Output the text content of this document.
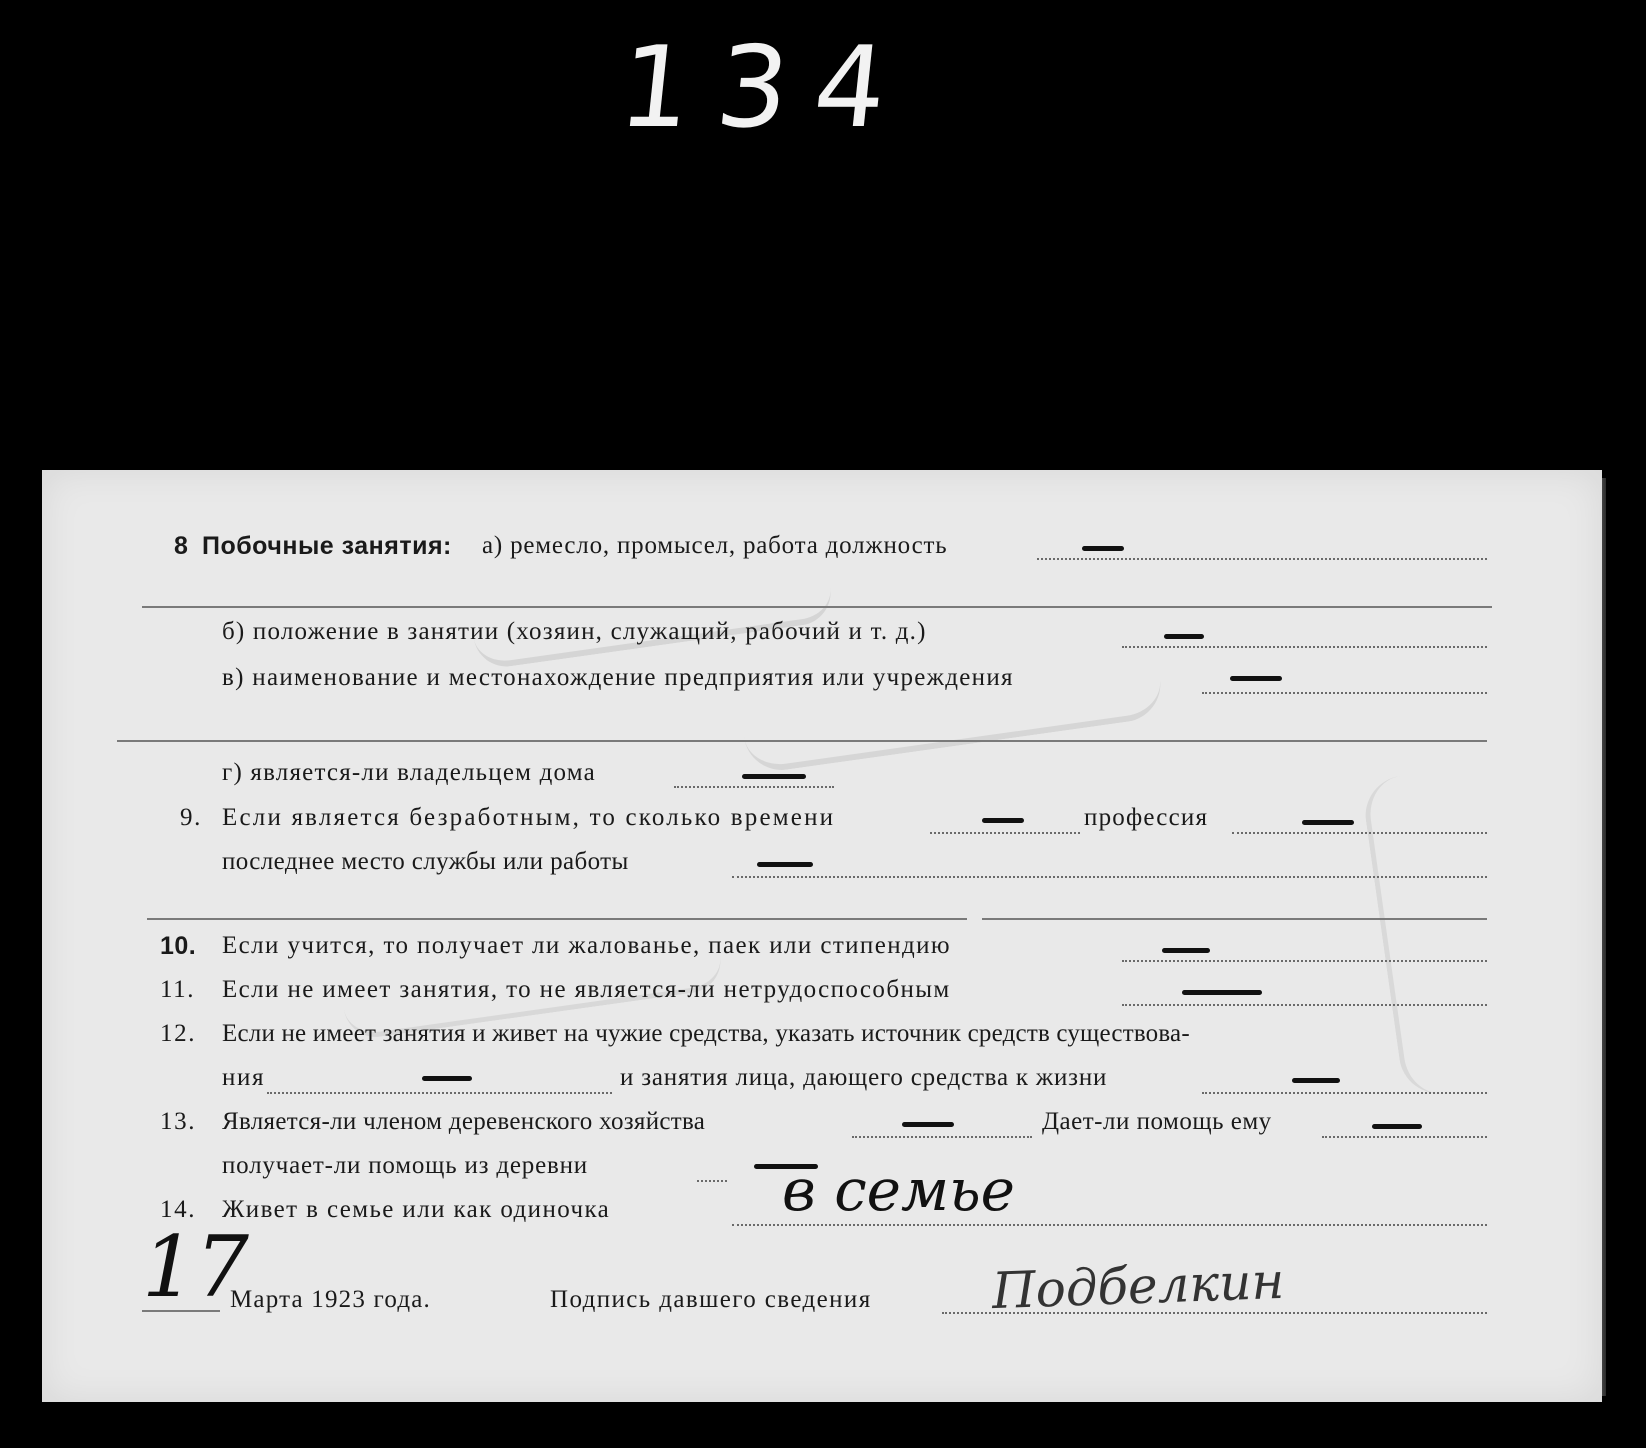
134
8 Побочные занятия: а) ремесло, промысел, работа должность
б) положение в занятии (хозяин, служащий, рабочий и т. д.)
в) наименование и местонахождение предприятия или учреждения
г) является-ли владельцем дома
9. Если является безработным, то сколько времени	профессия
последнее место службы или работы
10. Если учится, то получает ли жалованье, паек или стипендию
11. Если не имеет занятия, то не является-ли нетрудоспособным
12. Если не имеет занятия и живет на чужие средства, указать источник средств существова-
ния	и занятия лица, дающего средства к жизни
13. Является-ли членом деревенского хозяйства	Дает-ли помощь ему
получает-ли помощь из деревни
14. Живет в семье или как одиночка	в семье
17
Марта 1923 года.	Подпись давшего сведения Подбелкин
